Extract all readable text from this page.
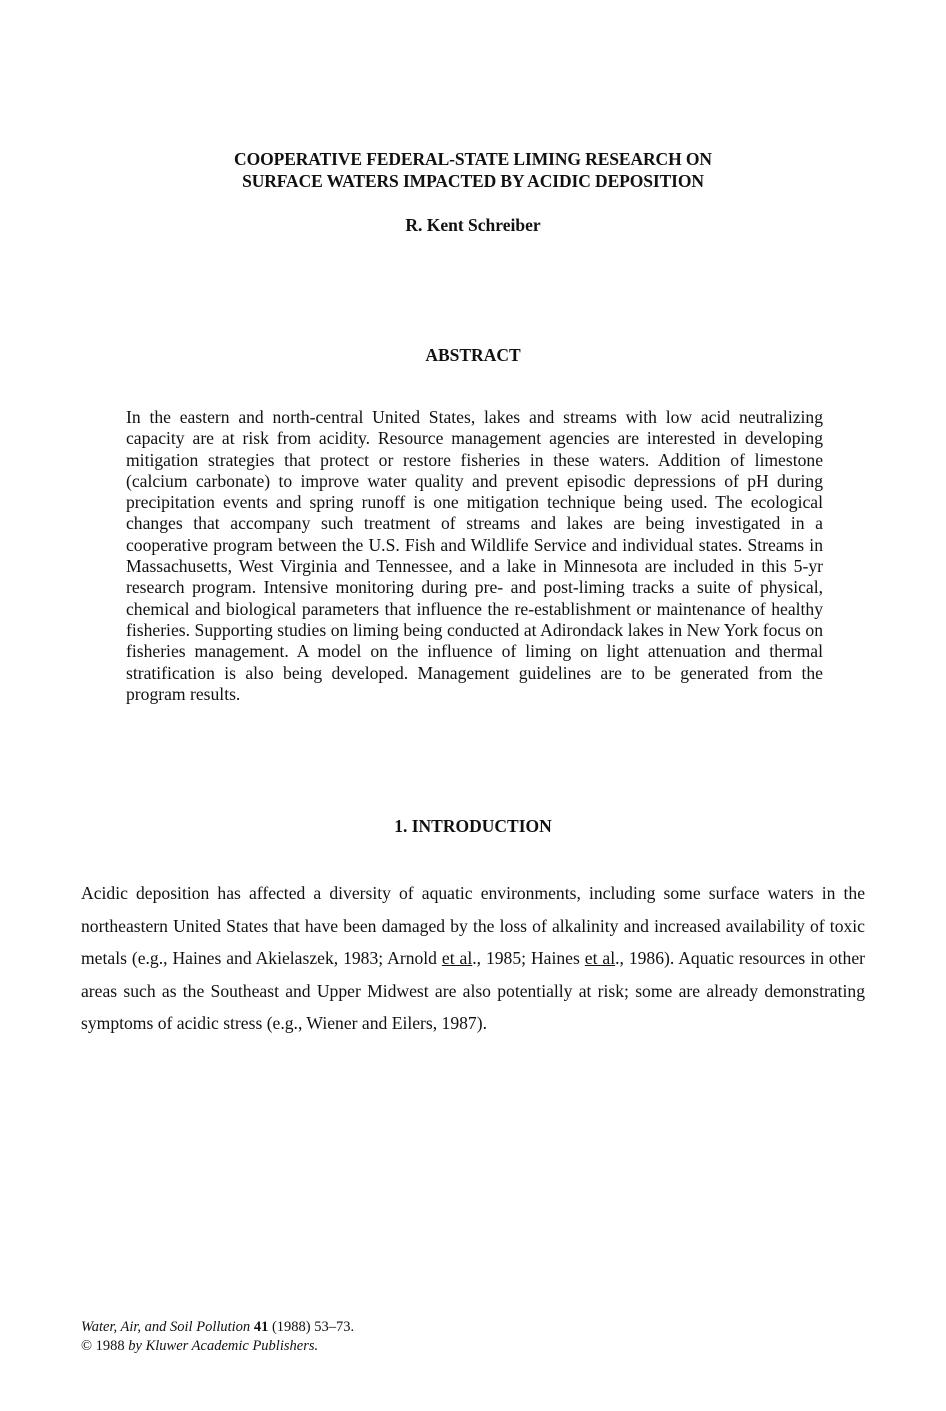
COOPERATIVE FEDERAL-STATE LIMING RESEARCH ON
SURFACE WATERS IMPACTED BY ACIDIC DEPOSITION
R. Kent Schreiber
ABSTRACT
In the eastern and north-central United States, lakes and streams with low acid neutralizing capacity are at risk from acidity. Resource management agencies are interested in developing mitigation strategies that protect or restore fisheries in these waters. Addition of limestone (calcium carbonate) to improve water quality and prevent episodic depressions of pH during precipitation events and spring runoff is one mitigation technique being used. The ecological changes that accompany such treatment of streams and lakes are being investigated in a cooperative program between the U.S. Fish and Wildlife Service and individual states. Streams in Massachusetts, West Virginia and Tennessee, and a lake in Minnesota are included in this 5-yr research program. Intensive monitoring during pre- and post-liming tracks a suite of physical, chemical and biological parameters that influence the re-establishment or maintenance of healthy fisheries. Supporting studies on liming being conducted at Adirondack lakes in New York focus on fisheries management. A model on the influence of liming on light attenuation and thermal stratification is also being developed. Management guidelines are to be generated from the program results.
1. INTRODUCTION
Acidic deposition has affected a diversity of aquatic environments, including some surface waters in the northeastern United States that have been damaged by the loss of alkalinity and increased availability of toxic metals (e.g., Haines and Akielaszek, 1983; Arnold et al., 1985; Haines et al., 1986). Aquatic resources in other areas such as the Southeast and Upper Midwest are also potentially at risk; some are already demonstrating symptoms of acidic stress (e.g., Wiener and Eilers, 1987).
Water, Air, and Soil Pollution 41 (1988) 53–73.
© 1988 by Kluwer Academic Publishers.
